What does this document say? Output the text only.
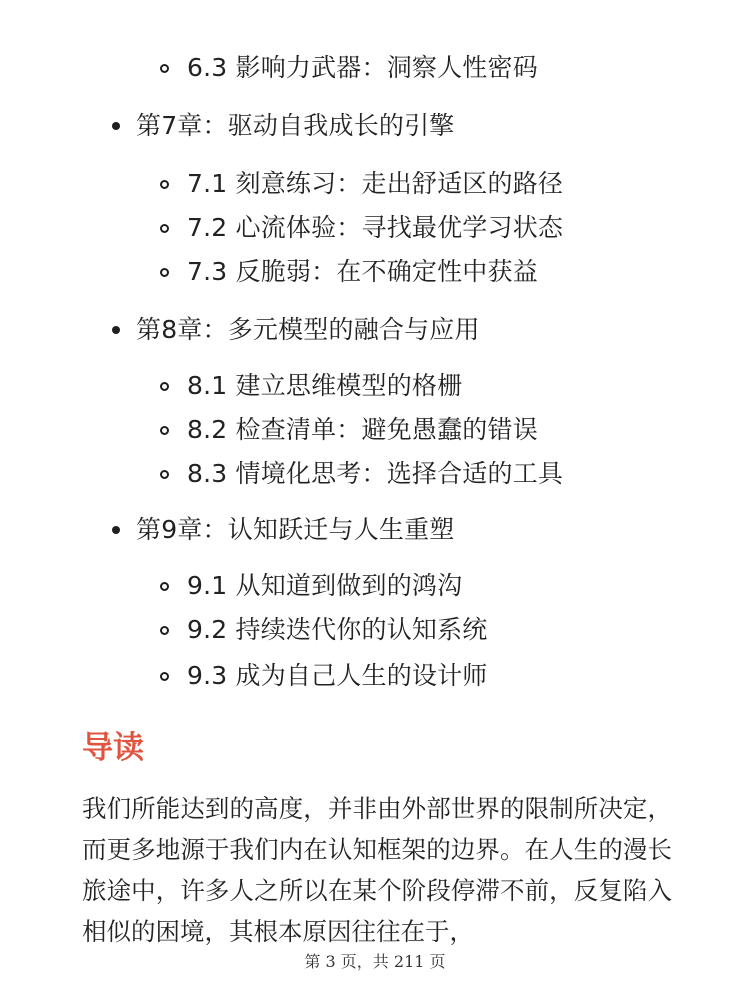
6.3 影响力武器：洞察人性密码
第7章：驱动自我成长的引擎
7.1 刻意练习：走出舒适区的路径
7.2 心流体验：寻找最优学习状态
7.3 反脆弱：在不确定性中获益
第8章：多元模型的融合与应用
8.1 建立思维模型的格栅
8.2 检查清单：避免愚蠢的错误
8.3 情境化思考：选择合适的工具
第9章：认知跃迁与人生重塑
9.1 从知道到做到的鸿沟
9.2 持续迭代你的认知系统
9.3 成为自己人生的设计师
导读

我们所能达到的高度，并非由外部世界的限制所决定，而更多地源于我们内在认知框架的边界。在人生的漫长旅途中，许多人之所以在某个阶段停滞不前，反复陷入相似的困境，其根本原因往往在于，

第 3 页，共 211 页
